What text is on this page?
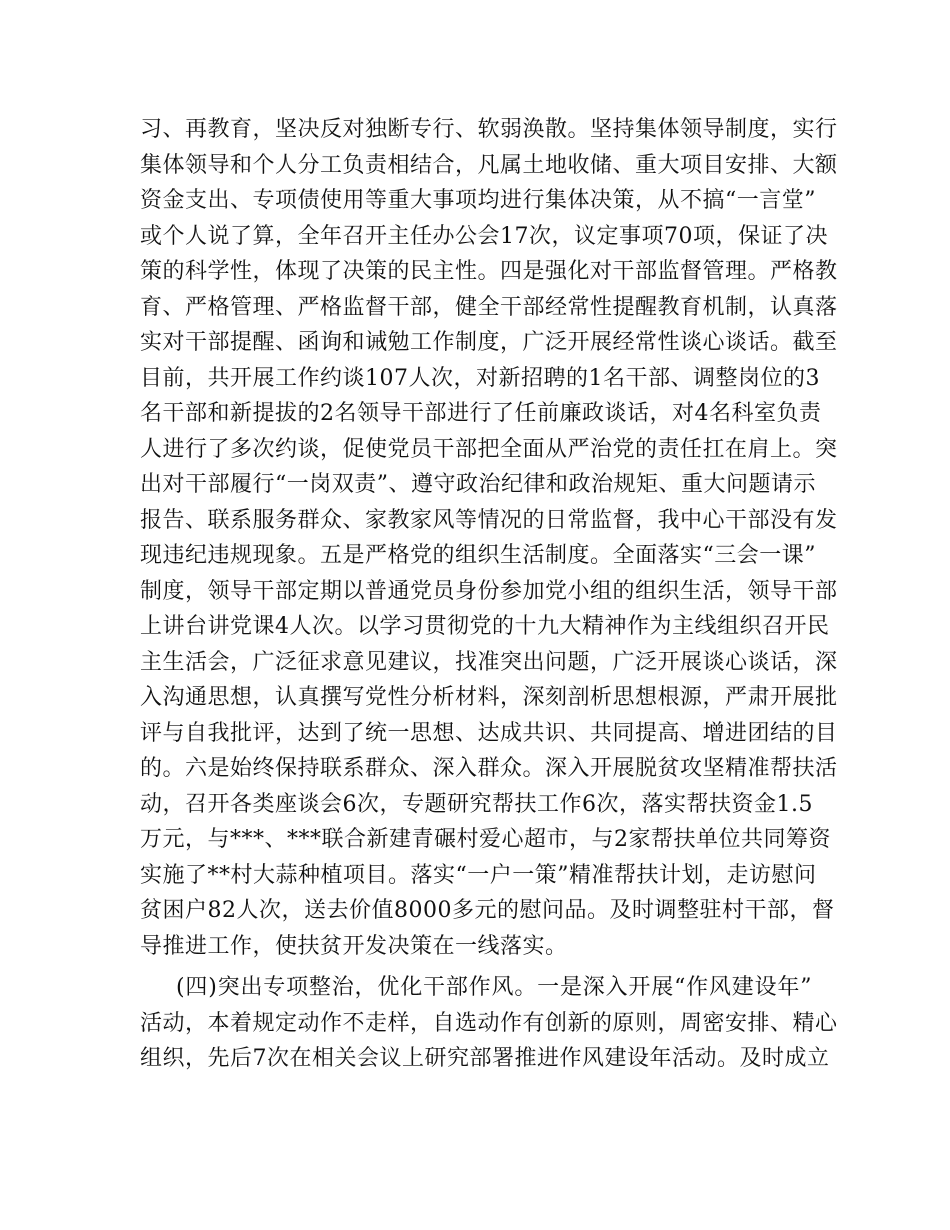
习、再教育，坚决反对独断专行、软弱涣散。坚持集体领导制度，实行
集体领导和个人分工负责相结合，凡属土地收储、重大项目安排、大额
资金支出、专项债使用等重大事项均进行集体决策，从不搞“一言堂”
或个人说了算，全年召开主任办公会17次，议定事项70项，保证了决
策的科学性，体现了决策的民主性。四是强化对干部监督管理。严格教
育、严格管理、严格监督干部，健全干部经常性提醒教育机制，认真落
实对干部提醒、函询和诫勉工作制度，广泛开展经常性谈心谈话。截至
目前，共开展工作约谈107人次，对新招聘的1名干部、调整岗位的3
名干部和新提拔的2名领导干部进行了任前廉政谈话，对4名科室负责
人进行了多次约谈，促使党员干部把全面从严治党的责任扛在肩上。突
出对干部履行“一岗双责”、遵守政治纪律和政治规矩、重大问题请示
报告、联系服务群众、家教家风等情况的日常监督，我中心干部没有发
现违纪违规现象。五是严格党的组织生活制度。全面落实“三会一课”
制度，领导干部定期以普通党员身份参加党小组的组织生活，领导干部
上讲台讲党课4人次。以学习贯彻党的十九大精神作为主线组织召开民
主生活会，广泛征求意见建议，找准突出问题，广泛开展谈心谈话，深
入沟通思想，认真撰写党性分析材料，深刻剖析思想根源，严肃开展批
评与自我批评，达到了统一思想、达成共识、共同提高、增进团结的目
的。六是始终保持联系群众、深入群众。深入开展脱贫攻坚精准帮扶活
动，召开各类座谈会6次，专题研究帮扶工作6次，落实帮扶资金1.5
万元，与***、***联合新建青碾村爱心超市，与2家帮扶单位共同筹资
实施了**村大蒜种植项目。落实“一户一策”精准帮扶计划，走访慰问
贫困户82人次，送去价值8000多元的慰问品。及时调整驻村干部，督
导推进工作，使扶贫开发决策在一线落实。
(四)突出专项整治，优化干部作风。一是深入开展“作风建设年”
活动，本着规定动作不走样，自选动作有创新的原则，周密安排、精心
组织，先后7次在相关会议上研究部署推进作风建设年活动。及时成立
